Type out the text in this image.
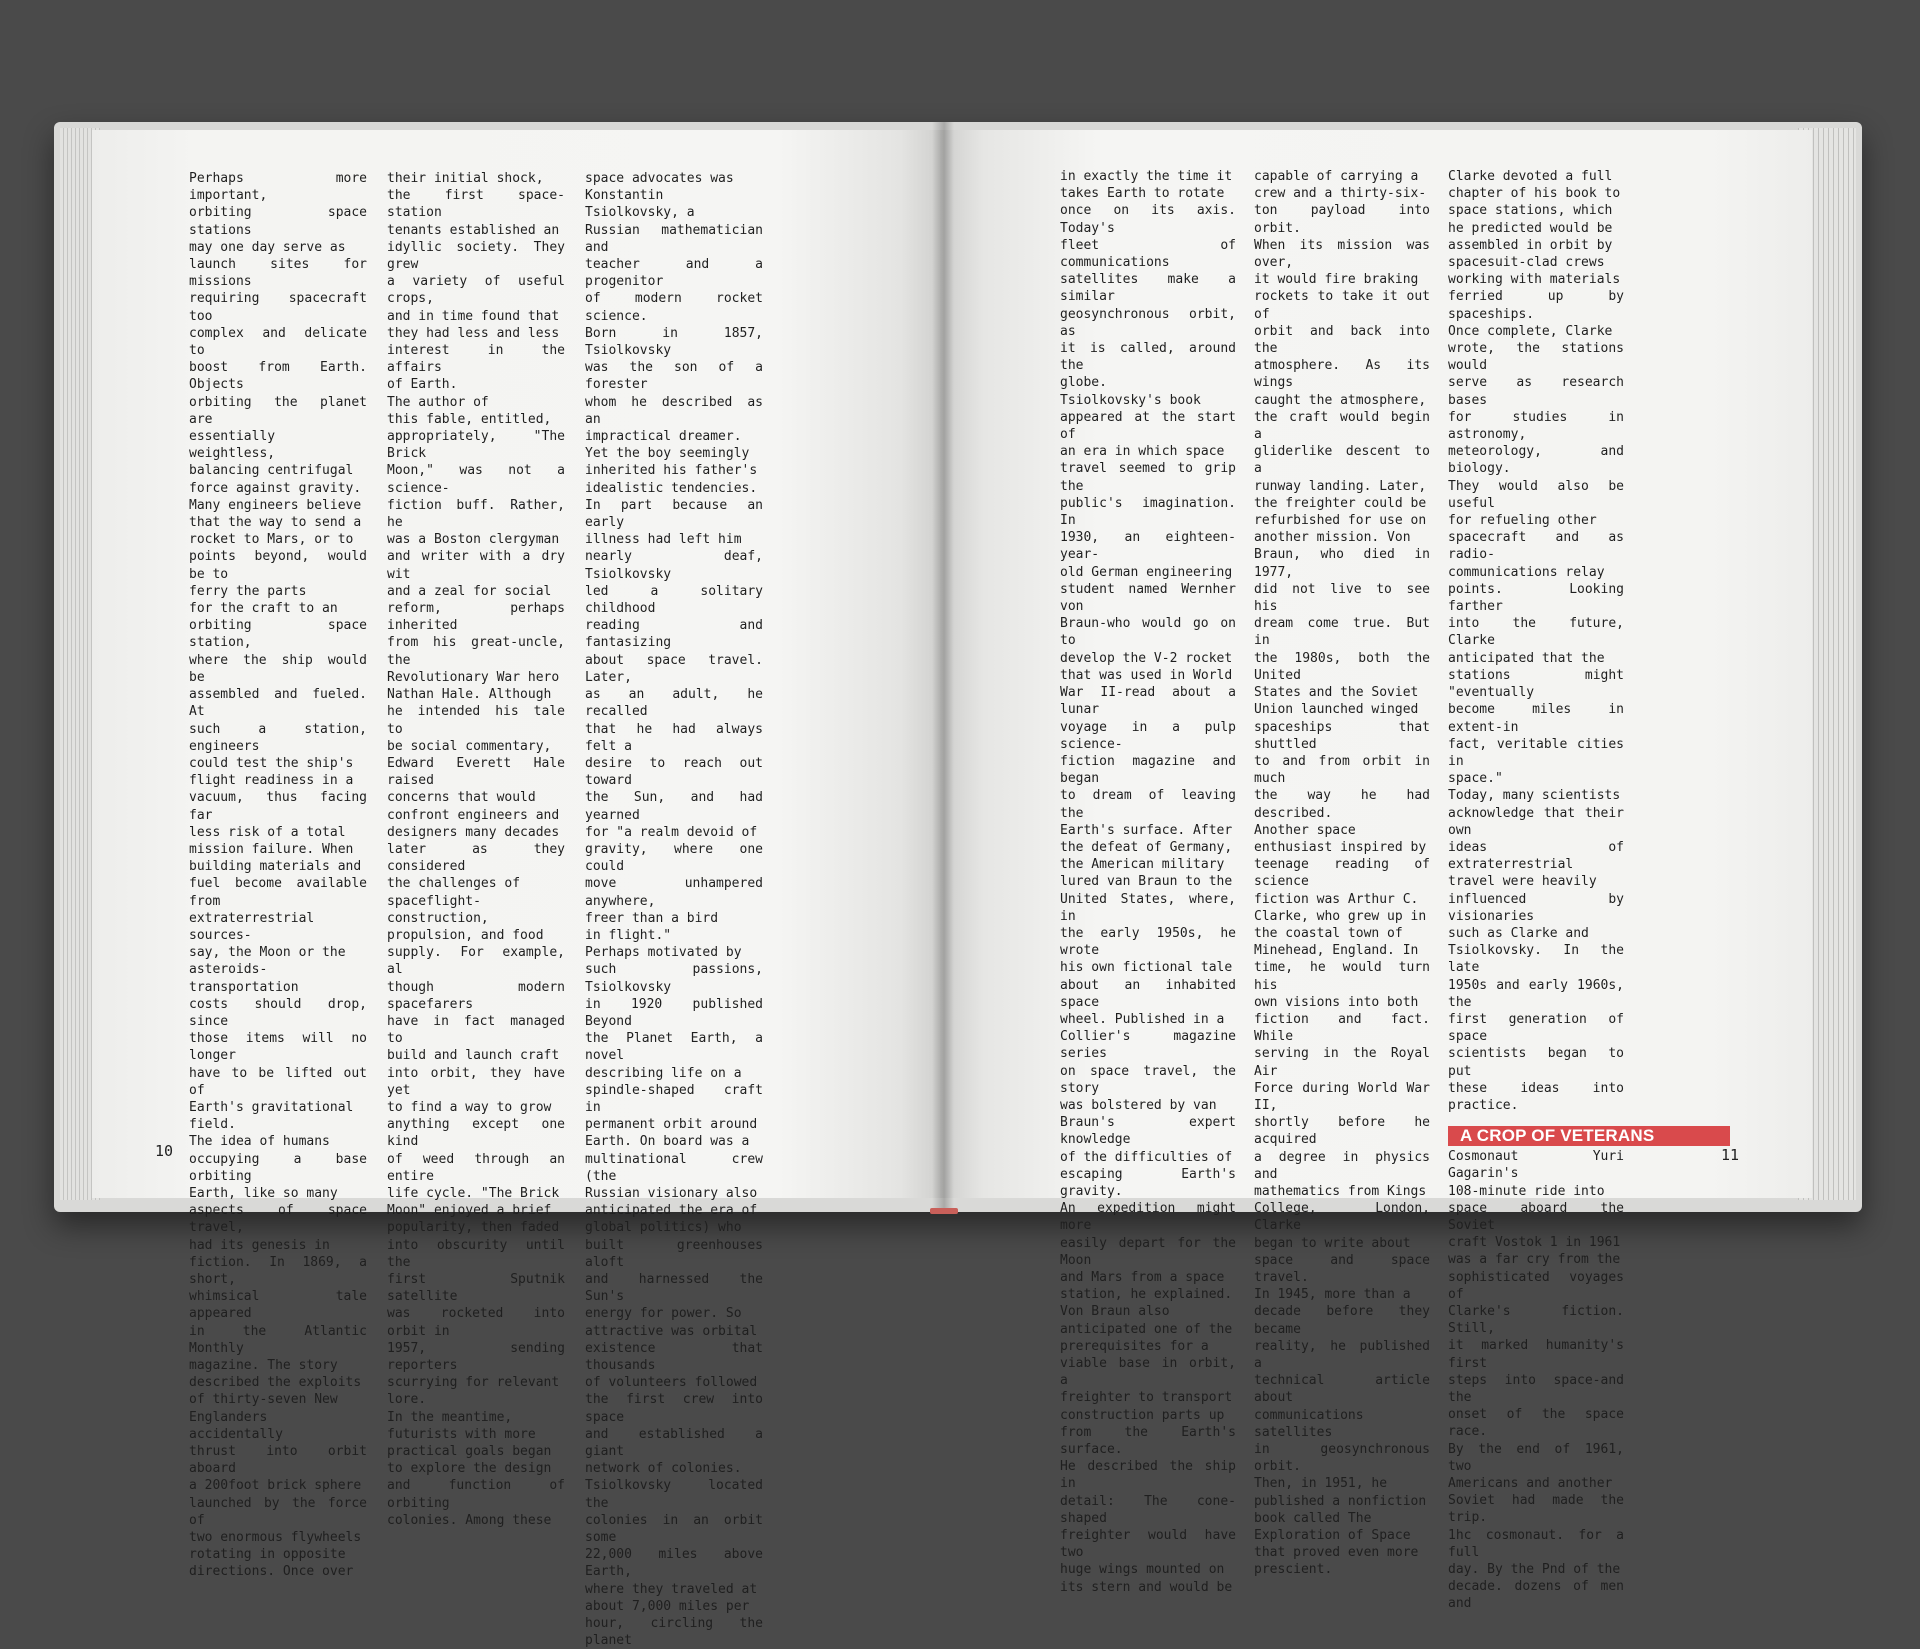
Perhaps more important,
orbiting space stations
may one day serve as
launch sites for missions
requiring spacecraft too
complex and delicate to
boost from Earth. Objects
orbiting the planet are
essentially weightless,
balancing centrifugal
force against gravity.
Many engineers believe
that the way to send a
rocket to Mars, or to
points beyond, would be to
ferry the parts
for the craft to an
orbiting space station,
where the ship would be
assembled and fueled. At
such a station, engineers
could test the ship's
flight readiness in a
vacuum, thus facing far
less risk of a total
mission failure. When
building materials and
fuel become available from
extraterrestrial sources-
say, the Moon or the
asteroids-transportation
costs should drop, since
those items will no longer
have to be lifted out of
Earth's gravitational
field.
The idea of humans
occupying a base orbiting
Earth, like so many
aspects of space travel,
had its genesis in
fiction. In 1869, a short,
whimsical tale appeared
in the Atlantic Monthly
magazine. The story
described the exploits
of thirty-seven New
Englanders accidentally
thrust into orbit aboard
a 200foot brick sphere
launched by the force of
two enormous flywheels
rotating in opposite
directions. Once over
their initial shock,
the first space-station
tenants established an
idyllic society. They grew
a variety of useful crops,
and in time found that
they had less and less
interest in the affairs
of Earth.
The author of
this fable, entitled,
appropriately, "The Brick
Moon," was not a science-
fiction buff. Rather, he
was a Boston clergyman
and writer with a dry wit
and a zeal for social
reform, perhaps inherited
from his great-uncle, the
Revolutionary War hero
Nathan Hale. Although
he intended his tale to
be social commentary,
Edward Everett Hale raised
concerns that would
confront engineers and
designers many decades
later as they considered
the challenges of
spaceflight-construction,
propulsion, and food
supply. For example, al
though modern spacefarers
have in fact managed to
build and launch craft
into orbit, they have yet
to find a way to grow
anything except one kind
of weed through an entire
life cycle. "The Brick
Moon" enjoyed a brief
popularity, then faded
into obscurity until the
first Sputnik satellite
was rocketed into orbit in
1957, sending reporters
scurrying for relevant
lore.
In the meantime,
futurists with more
practical goals began
to explore the design
and function of orbiting
colonies. Among these
space advocates was
Konstantin Tsiolkovsky, a
Russian mathematician and
teacher and a progenitor
of modern rocket science.
Born in 1857, Tsiolkovsky
was the son of a forester
whom he described as an
impractical dreamer.
Yet the boy seemingly
inherited his father's
idealistic tendencies.
In part because an early
illness had left him
nearly deaf, Tsiolkovsky
led a solitary childhood
reading and fantasizing
about space travel. Later,
as an adult, he recalled
that he had always felt a
desire to reach out toward
the Sun, and had yearned
for "a realm devoid of
gravity, where one could
move unhampered anywhere,
freer than a bird
in flight."
Perhaps motivated by
such passions, Tsiolkovsky
in 1920 published Beyond
the Planet Earth, a novel
describing life on a
spindle-shaped craft in
permanent orbit around
Earth. On board was a
multinational crew (the
Russian visionary also
anticipated the era of
global politics) who
built greenhouses aloft
and harnessed the Sun's
energy for power. So
attractive was orbital
existence that thousands
of volunteers followed
the first crew into space
and established a giant
network of colonies.
Tsiolkovsky located the
colonies in an orbit some
22,000 miles above Earth,
where they traveled at
about 7,000 miles per
hour, circling the planet
10
in exactly the time it
takes Earth to rotate
once on its axis. Today's
fleet of communications
satellites make a similar
geosynchronous orbit, as
it is called, around the
globe.
Tsiolkovsky's book
appeared at the start of
an era in which space
travel seemed to grip the
public's imagination. In
1930, an eighteen-year-
old German engineering
student named Wernher von
Braun-who would go on to
develop the V-2 rocket
that was used in World
War II-read about a lunar
voyage in a pulp science-
fiction magazine and began
to dream of leaving the
Earth's surface. After
the defeat of Germany,
the American military
lured van Braun to the
United States, where, in
the early 1950s, he wrote
his own fictional tale
about an inhabited space
wheel. Published in a
Collier's magazine series
on space travel, the story
was bolstered by van
Braun's expert knowledge
of the difficulties of
escaping Earth's gravity.
An expedition might more
easily depart for the Moon
and Mars from a space
station, he explained.
Von Braun also
anticipated one of the
prerequisites for a
viable base in orbit, a
freighter to transport
construction parts up
from the Earth's surface.
He described the ship in
detail: The cone-shaped
freighter would have two
huge wings mounted on
its stern and would be
capable of carrying a
crew and a thirty-six-
ton payload into orbit.
When its mission was over,
it would fire braking
rockets to take it out of
orbit and back into the
atmosphere. As its wings
caught the atmosphere,
the craft would begin a
gliderlike descent to a
runway landing. Later,
the freighter could be
refurbished for use on
another mission. Von
Braun, who died in 1977,
did not live to see his
dream come true. But in
the 1980s, both the United
States and the Soviet
Union launched winged
spaceships that shuttled
to and from orbit in much
the way he had described.
Another space
enthusiast inspired by
teenage reading of science
fiction was Arthur C.
Clarke, who grew up in
the coastal town of
Minehead, England. In
time, he would turn his
own visions into both
fiction and fact. While
serving in the Royal Air
Force during World War II,
shortly before he acquired
a degree in physics and
mathematics from Kings
College, London, Clarke
began to write about
space and space travel.
In 1945, more than a
decade before they became
reality, he published a
technical article about
communications satellites
in geosynchronous orbit.
Then, in 1951, he
published a nonfiction
book called The
Exploration of Space
that proved even more
prescient.
Clarke devoted a full
chapter of his book to
space stations, which
he predicted would be
assembled in orbit by
spacesuit-clad crews
working with materials
ferried up by spaceships.
Once complete, Clarke
wrote, the stations would
serve as research bases
for studies in astronomy,
meteorology, and biology.
They would also be useful
for refueling other
spacecraft and as radio-
communications relay
points. Looking farther
into the future, Clarke
anticipated that the
stations might "eventually
become miles in extent-in
fact, veritable cities in
space."
Today, many scientists
acknowledge that their own
ideas of extraterrestrial
travel were heavily
influenced by visionaries
such as Clarke and
Tsiolkovsky. In the late
1950s and early 1960s, the
first generation of space
scientists began to put
these ideas into practice.
A CROP OF VETERANS
Cosmonaut Yuri Gagarin's
108-minute ride into
space aboard the Soviet
craft Vostok 1 in 1961
was a far cry from the
sophisticated voyages of
Clarke's fiction. Still,
it marked humanity's first
steps into space-and the
onset of the space race.
By the end of 1961, two
Americans and another
Soviet had made the trip.
1hc cosmonaut. for a full
day. By the Pnd of the
decade. dozens of men and
11
